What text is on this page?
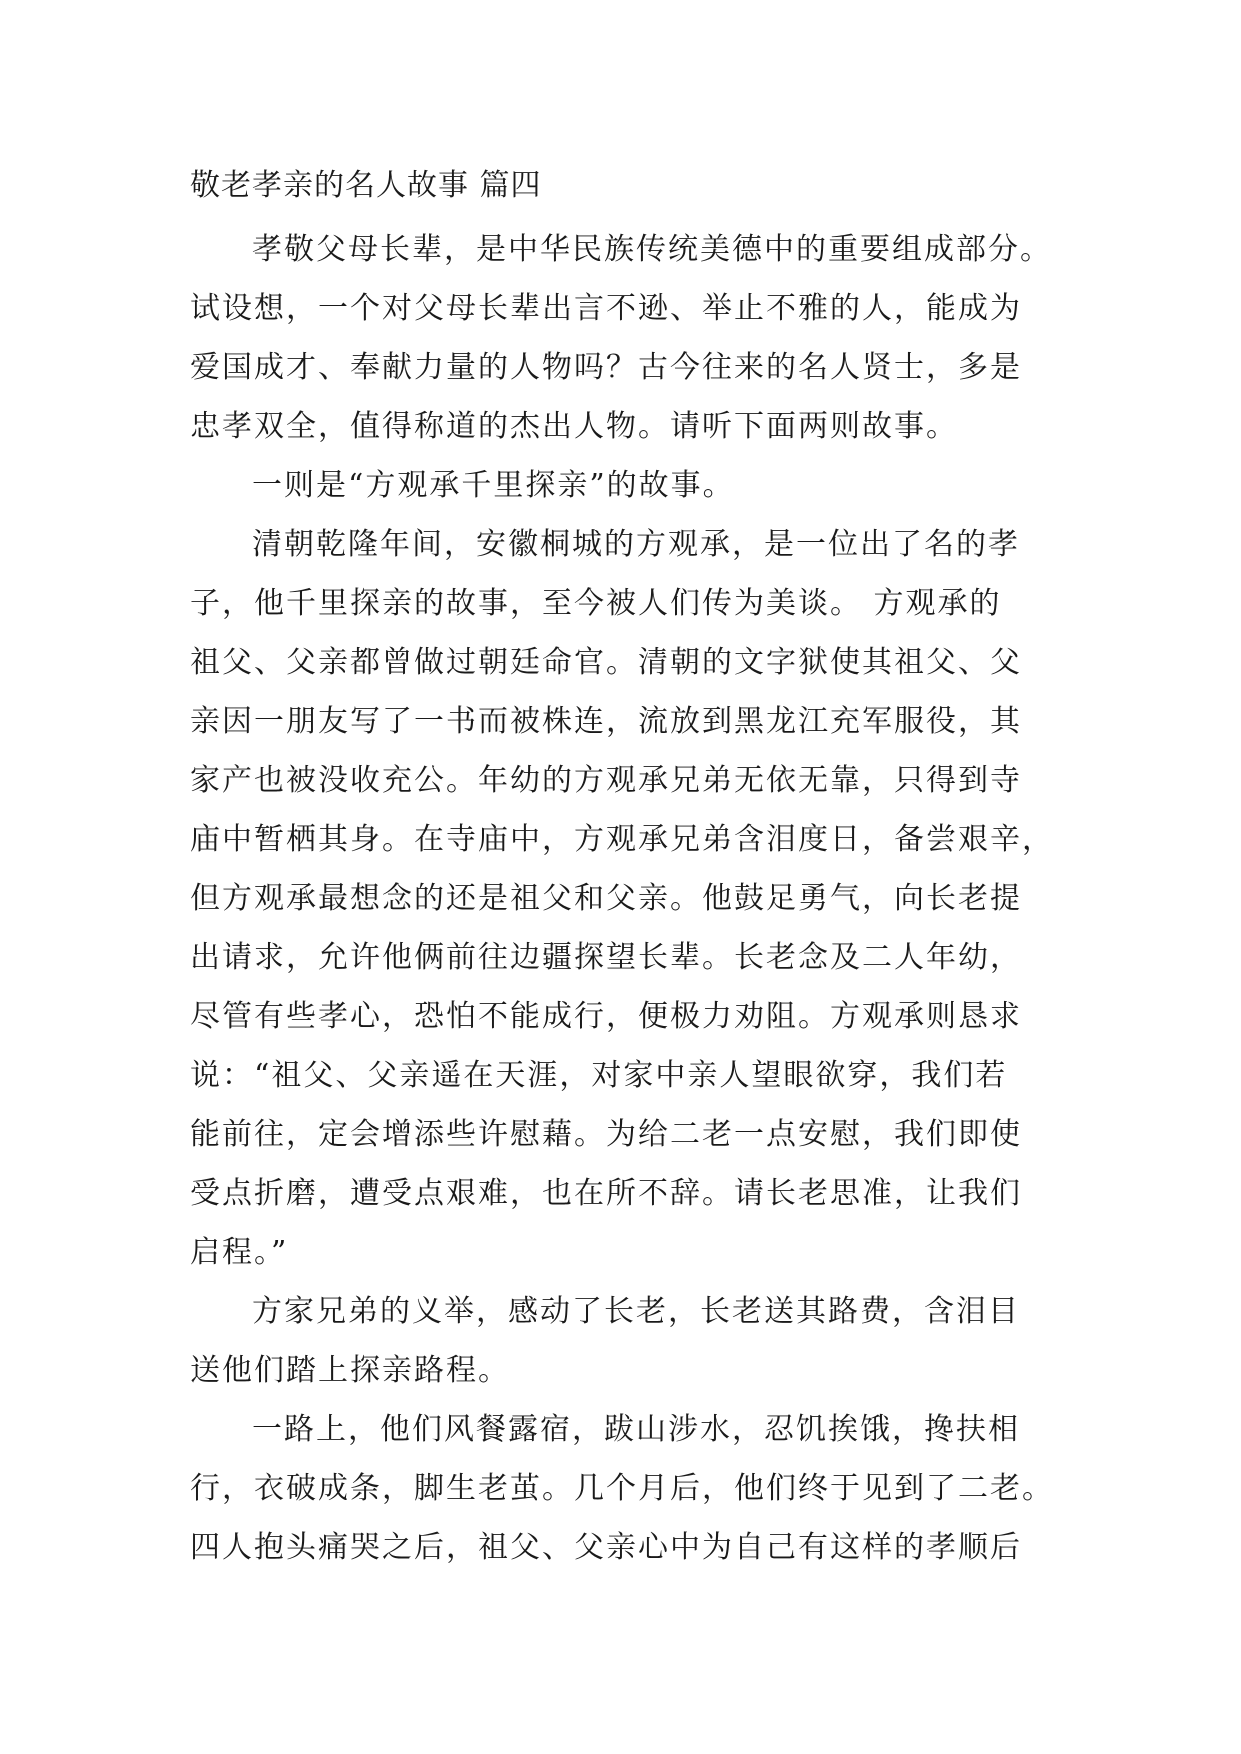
敬老孝亲的名人故事 篇四
孝敬父母长辈，是中华民族传统美德中的重要组成部分。
试设想，一个对父母长辈出言不逊、举止不雅的人，能成为
爱国成才、奉献力量的人物吗？古今往来的名人贤士，多是
忠孝双全，值得称道的杰出人物。请听下面两则故事。
一则是“方观承千里探亲”的故事。
清朝乾隆年间，安徽桐城的方观承，是一位出了名的孝
子，他千里探亲的故事，至今被人们传为美谈。 方观承的
祖父、父亲都曾做过朝廷命官。清朝的文字狱使其祖父、父
亲因一朋友写了一书而被株连，流放到黑龙江充军服役，其
家产也被没收充公。年幼的方观承兄弟无依无靠，只得到寺
庙中暂栖其身。在寺庙中，方观承兄弟含泪度日，备尝艰辛，
但方观承最想念的还是祖父和父亲。他鼓足勇气，向长老提
出请求，允许他俩前往边疆探望长辈。长老念及二人年幼，
尽管有些孝心，恐怕不能成行，便极力劝阻。方观承则恳求
说：“祖父、父亲遥在天涯，对家中亲人望眼欲穿，我们若
能前往，定会增添些许慰藉。为给二老一点安慰，我们即使
受点折磨，遭受点艰难，也在所不辞。请长老思准，让我们
启程。”
方家兄弟的义举，感动了长老，长老送其路费，含泪目
送他们踏上探亲路程。
一路上，他们风餐露宿，跋山涉水，忍饥挨饿，搀扶相
行，衣破成条，脚生老茧。几个月后，他们终于见到了二老。
四人抱头痛哭之后，祖父、父亲心中为自己有这样的孝顺后
